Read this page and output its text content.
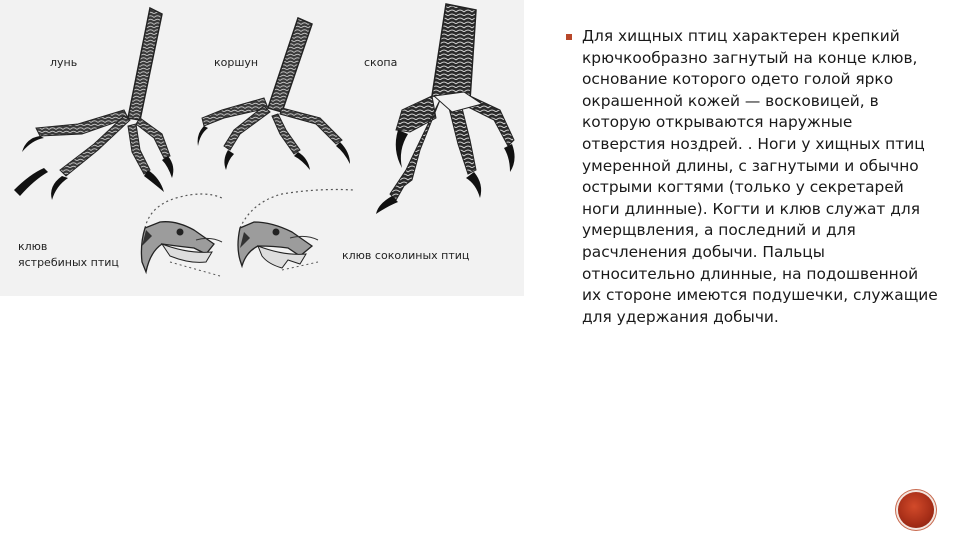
лунь	коршун	скопа
клюв
ястребиных птиц
клюв соколиных птиц
Для хищных птиц характерен крепкий крючкообразно загнутый на конце клюв, основание которого одето голой ярко окрашенной кожей — восковицей, в которую открываются наружные отверстия ноздрей. . Ноги у хищных птиц умеренной длины, с загнутыми и обычно острыми когтями (только у секретарей ноги длинные). Когти и клюв служат для умерщвления, а последний и для расчленения добычи. Пальцы относительно длинные, на подошвенной их стороне имеются подушечки, служащие для удержания добычи.
